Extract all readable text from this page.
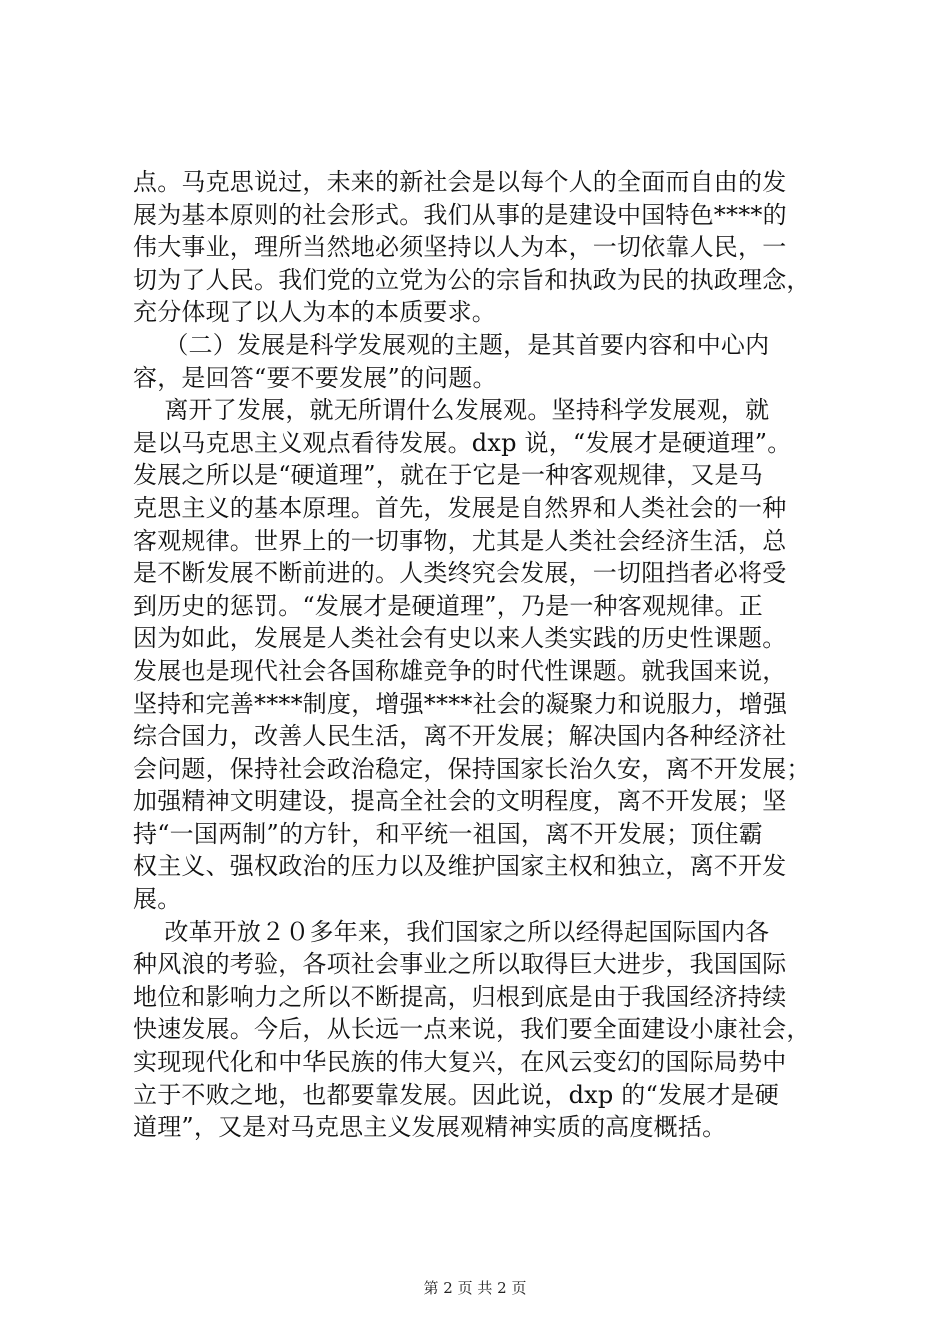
点。马克思说过，未来的新社会是以每个人的全面而自由的发
展为基本原则的社会形式。我们从事的是建设中国特色****的
伟大事业，理所当然地必须坚持以人为本，一切依靠人民，一
切为了人民。我们党的立党为公的宗旨和执政为民的执政理念，
充分体现了以人为本的本质要求。
（二）发展是科学发展观的主题，是其首要内容和中心内
容，是回答“要不要发展”的问题。
离开了发展，就无所谓什么发展观。坚持科学发展观，就
是以马克思主义观点看待发展。dxp 说，“发展才是硬道理”。
发展之所以是“硬道理”，就在于它是一种客观规律，又是马
克思主义的基本原理。首先，发展是自然界和人类社会的一种
客观规律。世界上的一切事物，尤其是人类社会经济生活，总
是不断发展不断前进的。人类终究会发展，一切阻挡者必将受
到历史的惩罚。“发展才是硬道理”，乃是一种客观规律。正
因为如此，发展是人类社会有史以来人类实践的历史性课题。
发展也是现代社会各国称雄竞争的时代性课题。就我国来说，
坚持和完善****制度，增强****社会的凝聚力和说服力，增强
综合国力，改善人民生活，离不开发展；解决国内各种经济社
会问题，保持社会政治稳定，保持国家长治久安，离不开发展；
加强精神文明建设，提高全社会的文明程度，离不开发展；坚
持“一国两制”的方针，和平统一祖国，离不开发展；顶住霸
权主义、强权政治的压力以及维护国家主权和独立，离不开发
展。
改革开放２０多年来，我们国家之所以经得起国际国内各
种风浪的考验，各项社会事业之所以取得巨大进步，我国国际
地位和影响力之所以不断提高，归根到底是由于我国经济持续
快速发展。今后，从长远一点来说，我们要全面建设小康社会，
实现现代化和中华民族的伟大复兴，在风云变幻的国际局势中
立于不败之地，也都要靠发展。因此说，dxp 的“发展才是硬
道理”，又是对马克思主义发展观精神实质的高度概括。
第 2 页 共 2 页
